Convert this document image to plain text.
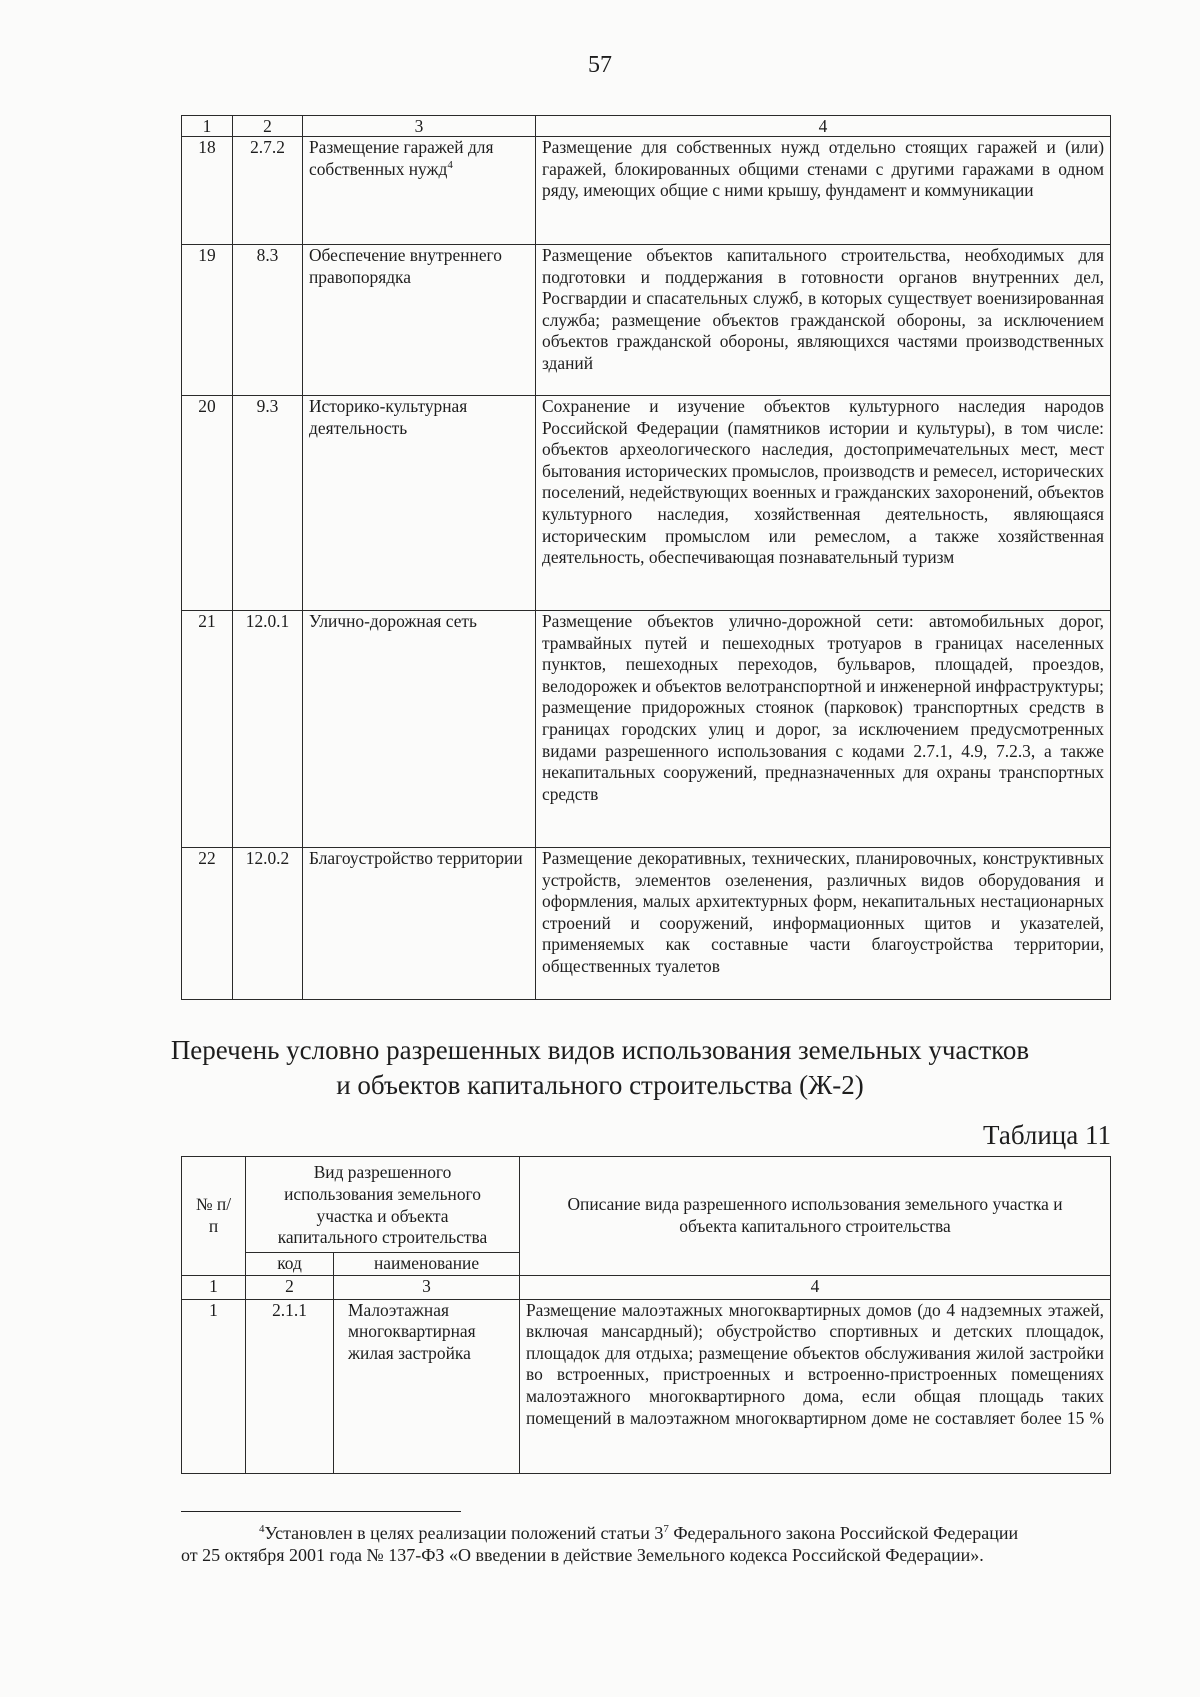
57
1	2	3	4
18	2.7.2	Размещение гаражей для собственных нужд$^4$	Размещение для собственных нужд отдельно стоящих гаражей и (или) гаражей, блокированных общими стенами с другими гаражами в одном ряду, имеющих общие с ними крышу, фундамент и коммуникации
19	8.3	Обеспечение внутреннего правопорядка	Размещение объектов капитального строительства, необходимых для подготовки и поддержания в готовности органов внутренних дел, Росгвардии и спасательных служб, в которых существует военизированная служба; размещение объектов гражданской обороны, за исключением объектов гражданской обороны, являющихся частями производственных зданий
20	9.3	Историко-культурная деятельность	Сохранение и изучение объектов культурного наследия народов Российской Федерации (памятников истории и культуры), в том числе: объектов археологического наследия, достопримечательных мест, мест бытования исторических промыслов, производств и ремесел, исторических поселений, недействующих военных и гражданских захоронений, объектов культурного наследия, хозяйственная деятельность, являющаяся историческим промыслом или ремеслом, а также хозяйственная деятельность, обеспечивающая познавательный туризм
21	12.0.1	Улично-дорожная сеть	Размещение объектов улично-дорожной сети: автомобильных дорог, трамвайных путей и пешеходных тротуаров в границах населенных пунктов, пешеходных переходов, бульваров, площадей, проездов, велодорожек и объектов велотранспортной и инженерной инфраструктуры; размещение придорожных стоянок (парковок) транспортных средств в границах городских улиц и дорог, за исключением предусмотренных видами разрешенного использования с кодами 2.7.1, 4.9, 7.2.3, а также некапитальных сооружений, предназначенных для охраны транспортных средств
22	12.0.2	Благоустройство территории	Размещение декоративных, технических, планировочных, конструктивных устройств, элементов озеленения, различных видов оборудования и оформления, малых архитектурных форм, некапитальных нестационарных строений и сооружений, информационных щитов и указателей, применяемых как составные части благоустройства территории, общественных туалетов
Перечень условно разрешенных видов использования земельных участков
и объектов капитального строительства (Ж-2)
Таблица 11
№ п/п	Вид разрешенного использования земельного участка и объекта капитального строительства		Описание вида разрешенного использования земельного участка и объекта капитального строительства
	код	наименование	
1	2	3	4
1	2.1.1	Малоэтажная многоквартирная жилая застройка	Размещение малоэтажных многоквартирных домов (до 4 надземных этажей, включая мансардный); обустройство спортивных и детских площадок, площадок для отдыха; размещение объектов обслуживания жилой застройки во встроенных, пристроенных и встроенно-пристроенных помещениях малоэтажного многоквартирного дома, если общая площадь таких помещений в малоэтажном многоквартирном доме не составляет более 15 %
$^4$Установлен в целях реализации положений статьи $3^7$ Федерального закона Российской Федерации
от 25 октября 2001 года № 137-ФЗ «О введении в действие Земельного кодекса Российской Федерации».
